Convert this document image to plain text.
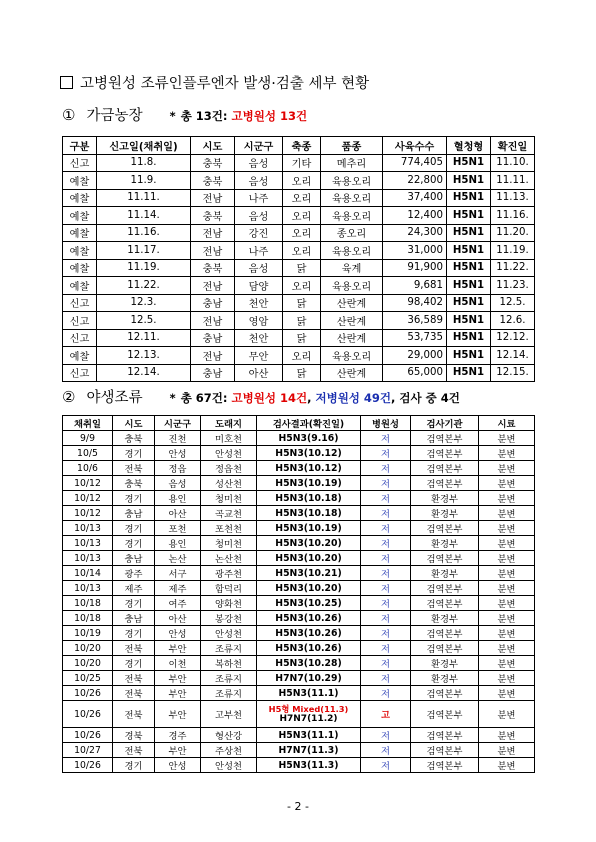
고병원성 조류인플루엔자 발생·검출 세부 현황
① 가금농장 * 총 13건: 고병원성 13건
구분	신고일(채취일)	시도	시군구	축종	품종	사육수수	혈청형	확진일
신고	11.8.	충북	음성	기타	메추리	774,405	H5N1	11.10.
예찰	11.9.	충북	음성	오리	육용오리	22,800	H5N1	11.11.
예찰	11.11.	전남	나주	오리	육용오리	37,400	H5N1	11.13.
예찰	11.14.	충북	음성	오리	육용오리	12,400	H5N1	11.16.
예찰	11.16.	전남	강진	오리	종오리	24,300	H5N1	11.20.
예찰	11.17.	전남	나주	오리	육용오리	31,000	H5N1	11.19.
예찰	11.19.	충북	음성	닭	육계	91,900	H5N1	11.22.
예찰	11.22.	전남	담양	오리	육용오리	9,681	H5N1	11.23.
신고	12.3.	충남	천안	닭	산란계	98,402	H5N1	12.5.
신고	12.5.	전남	영암	닭	산란계	36,589	H5N1	12.6.
신고	12.11.	충남	천안	닭	산란계	53,735	H5N1	12.12.
예찰	12.13.	전남	무안	오리	육용오리	29,000	H5N1	12.14.
신고	12.14.	충남	아산	닭	산란계	65,000	H5N1	12.15.
② 야생조류 * 총 67건: 고병원성 14건, 저병원성 49건, 검사 중 4건
채취일	시도	시군구	도래지	검사결과(확진일)	병원성	검사기관	시료
9/9	충북	진천	미호천	H5N3(9.16)	저	검역본부	분변
10/5	경기	안성	안성천	H5N3(10.12)	저	검역본부	분변
10/6	전북	정읍	정읍천	H5N3(10.12)	저	검역본부	분변
10/12	충북	음성	성산천	H5N3(10.19)	저	검역본부	분변
10/12	경기	용인	청미천	H5N3(10.18)	저	환경부	분변
10/12	충남	아산	곡교천	H5N3(10.18)	저	환경부	분변
10/13	경기	포천	포천천	H5N3(10.19)	저	검역본부	분변
10/13	경기	용인	청미천	H5N3(10.20)	저	환경부	분변
10/13	충남	논산	논산천	H5N3(10.20)	저	검역본부	분변
10/14	광주	서구	광주천	H5N3(10.21)	저	환경부	분변
10/13	제주	제주	함덕리	H5N3(10.20)	저	검역본부	분변
10/18	경기	여주	양화천	H5N3(10.25)	저	검역본부	분변
10/18	충남	아산	봉강천	H5N3(10.26)	저	환경부	분변
10/19	경기	안성	안성천	H5N3(10.26)	저	검역본부	분변
10/20	전북	부안	조류지	H5N3(10.26)	저	검역본부	분변
10/20	경기	이천	복하천	H5N3(10.28)	저	환경부	분변
10/25	전북	부안	조류지	H7N7(10.29)	저	환경부	분변
10/26	전북	부안	조류지	H5N3(11.1)	저	검역본부	분변
10/26	전북	부안	고부천	H5형 Mixed(11.3)
H7N7(11.2)	고	검역본부	분변
10/26	경북	경주	형산강	H5N3(11.1)	저	검역본부	분변
10/27	전북	부안	주상천	H7N7(11.3)	저	검역본부	분변
10/26	경기	안성	안성천	H5N3(11.3)	저	검역본부	분변
- 2 -
